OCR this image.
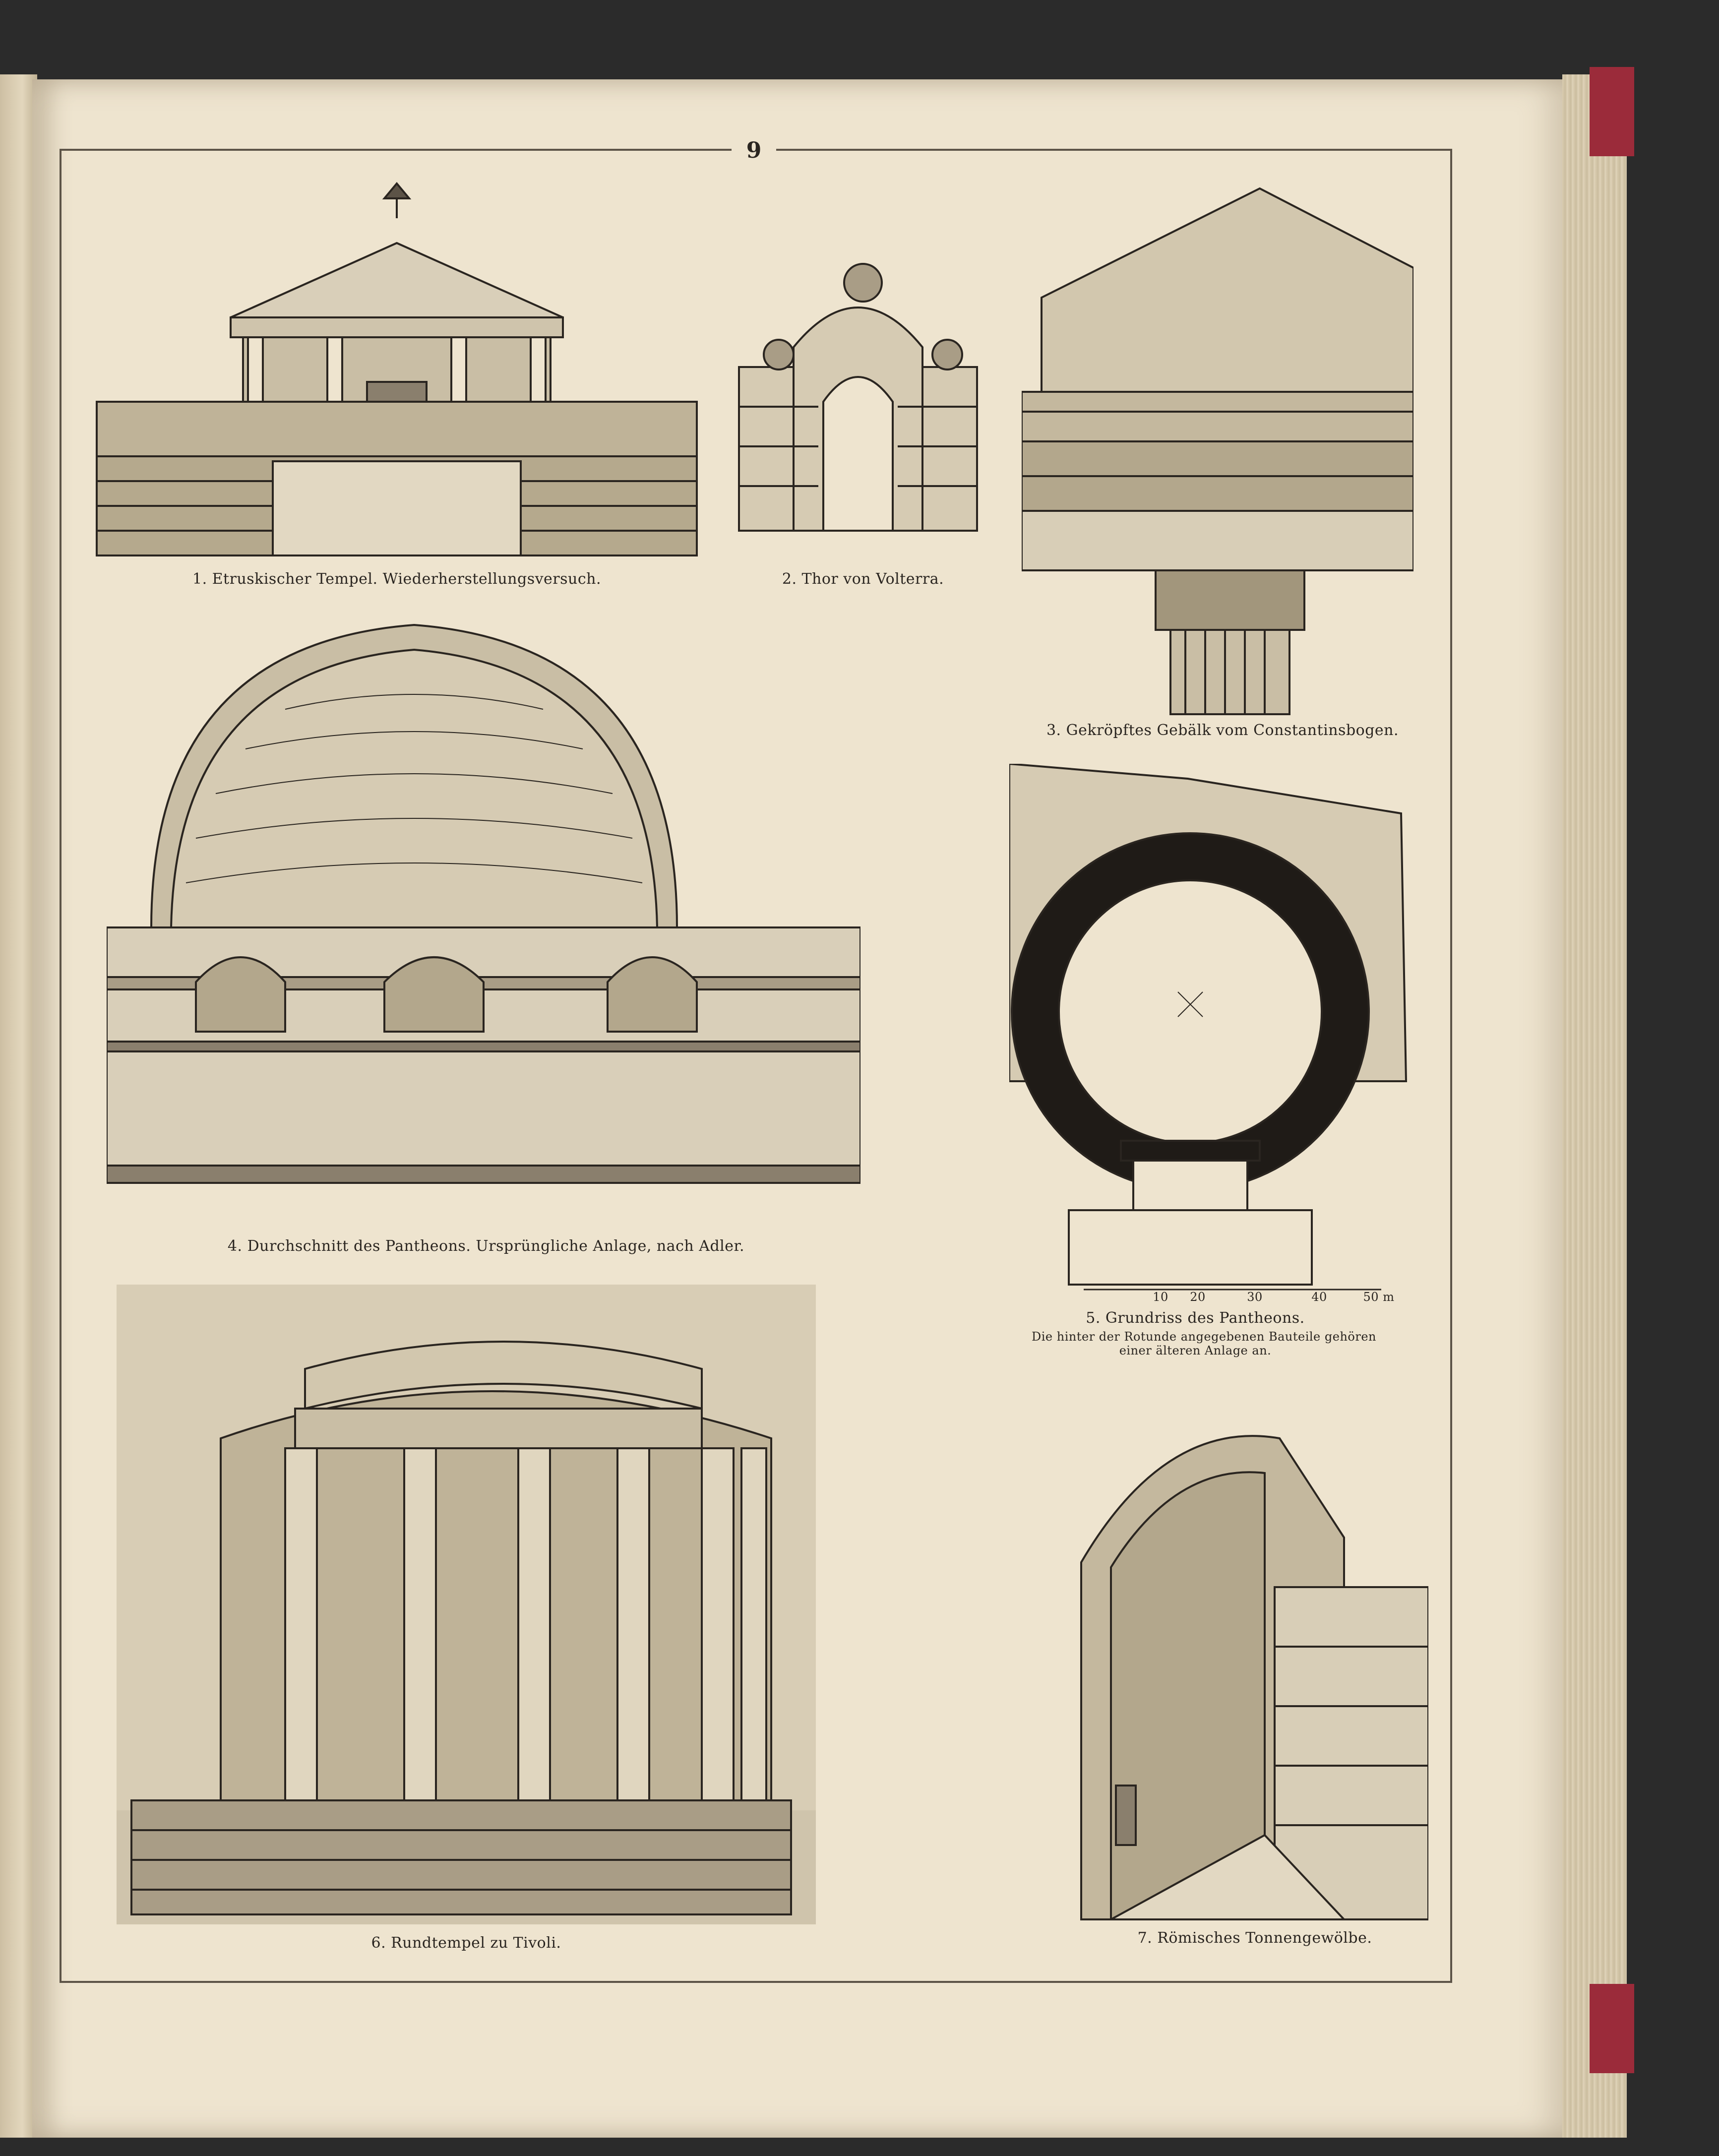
9
1. Etruskischer Tempel. Wiederherstellungsversuch.	2. Thor von Volterra.
3. Gekröpftes Gebälk vom Constantinsbogen.
4. Durchschnitt des Pantheons. Ursprüngliche Anlage, nach Adler.
10	20	30	40	50 m
5. Grundriss des Pantheons.
Die hinter der Rotunde angegebenen Bauteile gehören
einer älteren Anlage an.
6. Rundtempel zu Tivoli.	7. Römisches Tonnengewölbe.
